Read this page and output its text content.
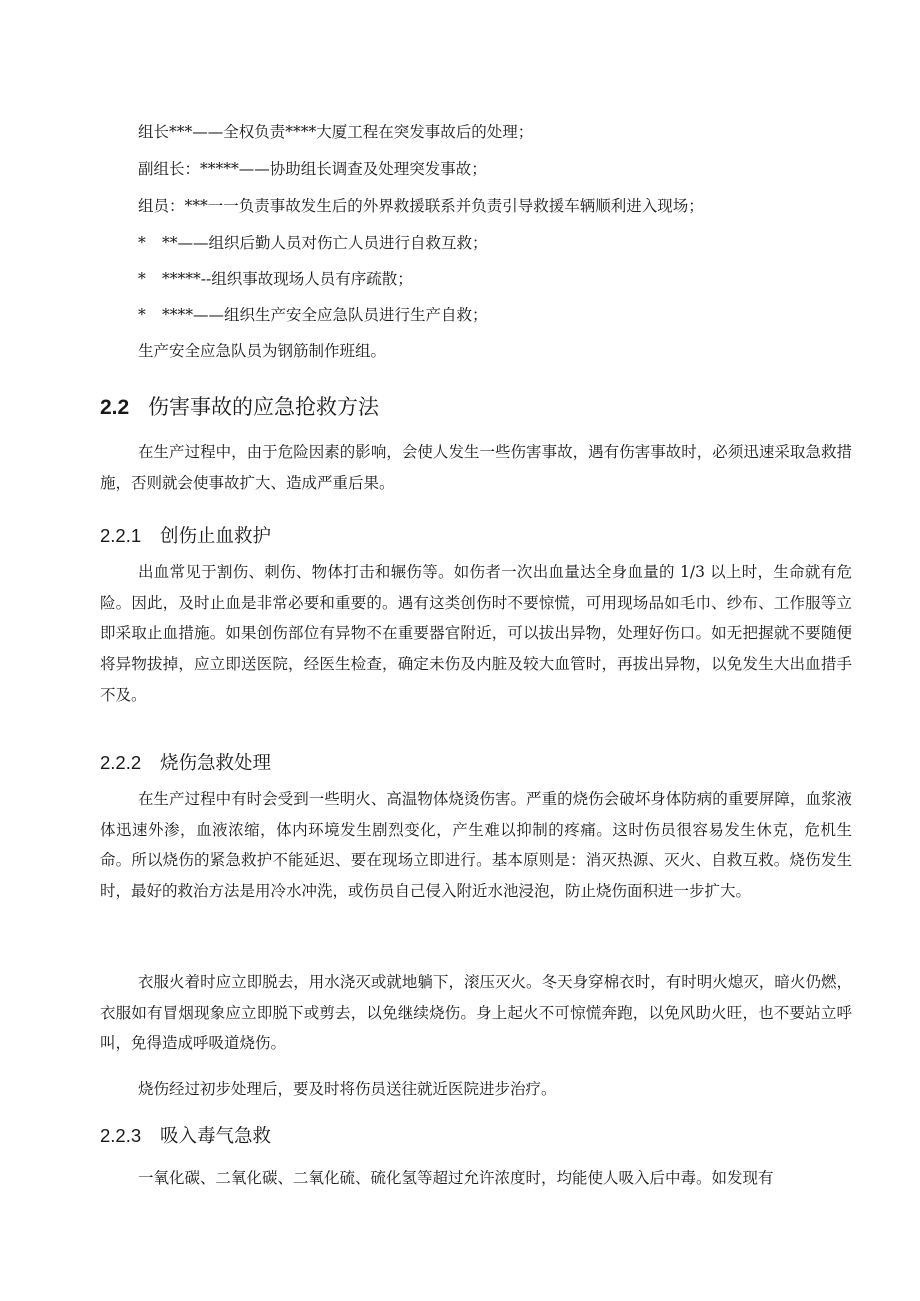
组长***——全权负责****大厦工程在突发事故后的处理；
副组长：*****——协助组长调查及处理突发事故；
组员：***一一负责事故发生后的外界救援联系并负责引导救援车辆顺利进入现场；
* **——组织后勤人员对伤亡人员进行自救互救；
* *****--组织事故现场人员有序疏散；
* ****——组织生产安全应急队员进行生产自救；
生产安全应急队员为钢筋制作班组。
2.2 伤害事故的应急抢救方法

在生产过程中，由于危险因素的影响，会使人发生一些伤害事故，遇有伤害事故时，必须迅速采取急救措施，否则就会使事故扩大、造成严重后果。

2.2.1 创伤止血救护

出血常见于割伤、刺伤、物体打击和辗伤等。如伤者一次出血量达全身血量的 1/3 以上时，生命就有危险。因此，及时止血是非常必要和重要的。遇有这类创伤时不要惊慌，可用现场品如毛巾、纱布、工作服等立即采取止血措施。如果创伤部位有异物不在重要器官附近，可以拔出异物，处理好伤口。如无把握就不要随便将异物拔掉，应立即送医院，经医生检查，确定未伤及内脏及较大血管时，再拔出异物，以免发生大出血措手不及。

2.2.2 烧伤急救处理

在生产过程中有时会受到一些明火、高温物体烧烫伤害。严重的烧伤会破坏身体防病的重要屏障，血浆液体迅速外渗，血液浓缩，体内环境发生剧烈变化，产生难以抑制的疼痛。这时伤员很容易发生休克，危机生命。所以烧伤的紧急救护不能延迟、要在现场立即进行。基本原则是：消灭热源、灭火、自救互救。烧伤发生时，最好的救治方法是用冷水冲洗，或伤员自己侵入附近水池浸泡，防止烧伤面积进一步扩大。

衣服火着时应立即脱去，用水浇灭或就地躺下，滚压灭火。冬天身穿棉衣时，有时明火熄灭，暗火仍燃，衣服如有冒烟现象应立即脱下或剪去，以免继续烧伤。身上起火不可惊慌奔跑，以免风助火旺，也不要站立呼叫，免得造成呼吸道烧伤。

烧伤经过初步处理后，要及时将伤员送往就近医院进步治疗。

2.2.3 吸入毒气急救

一氧化碳、二氧化碳、二氧化硫、硫化氢等超过允许浓度时，均能使人吸入后中毒。如发现有
